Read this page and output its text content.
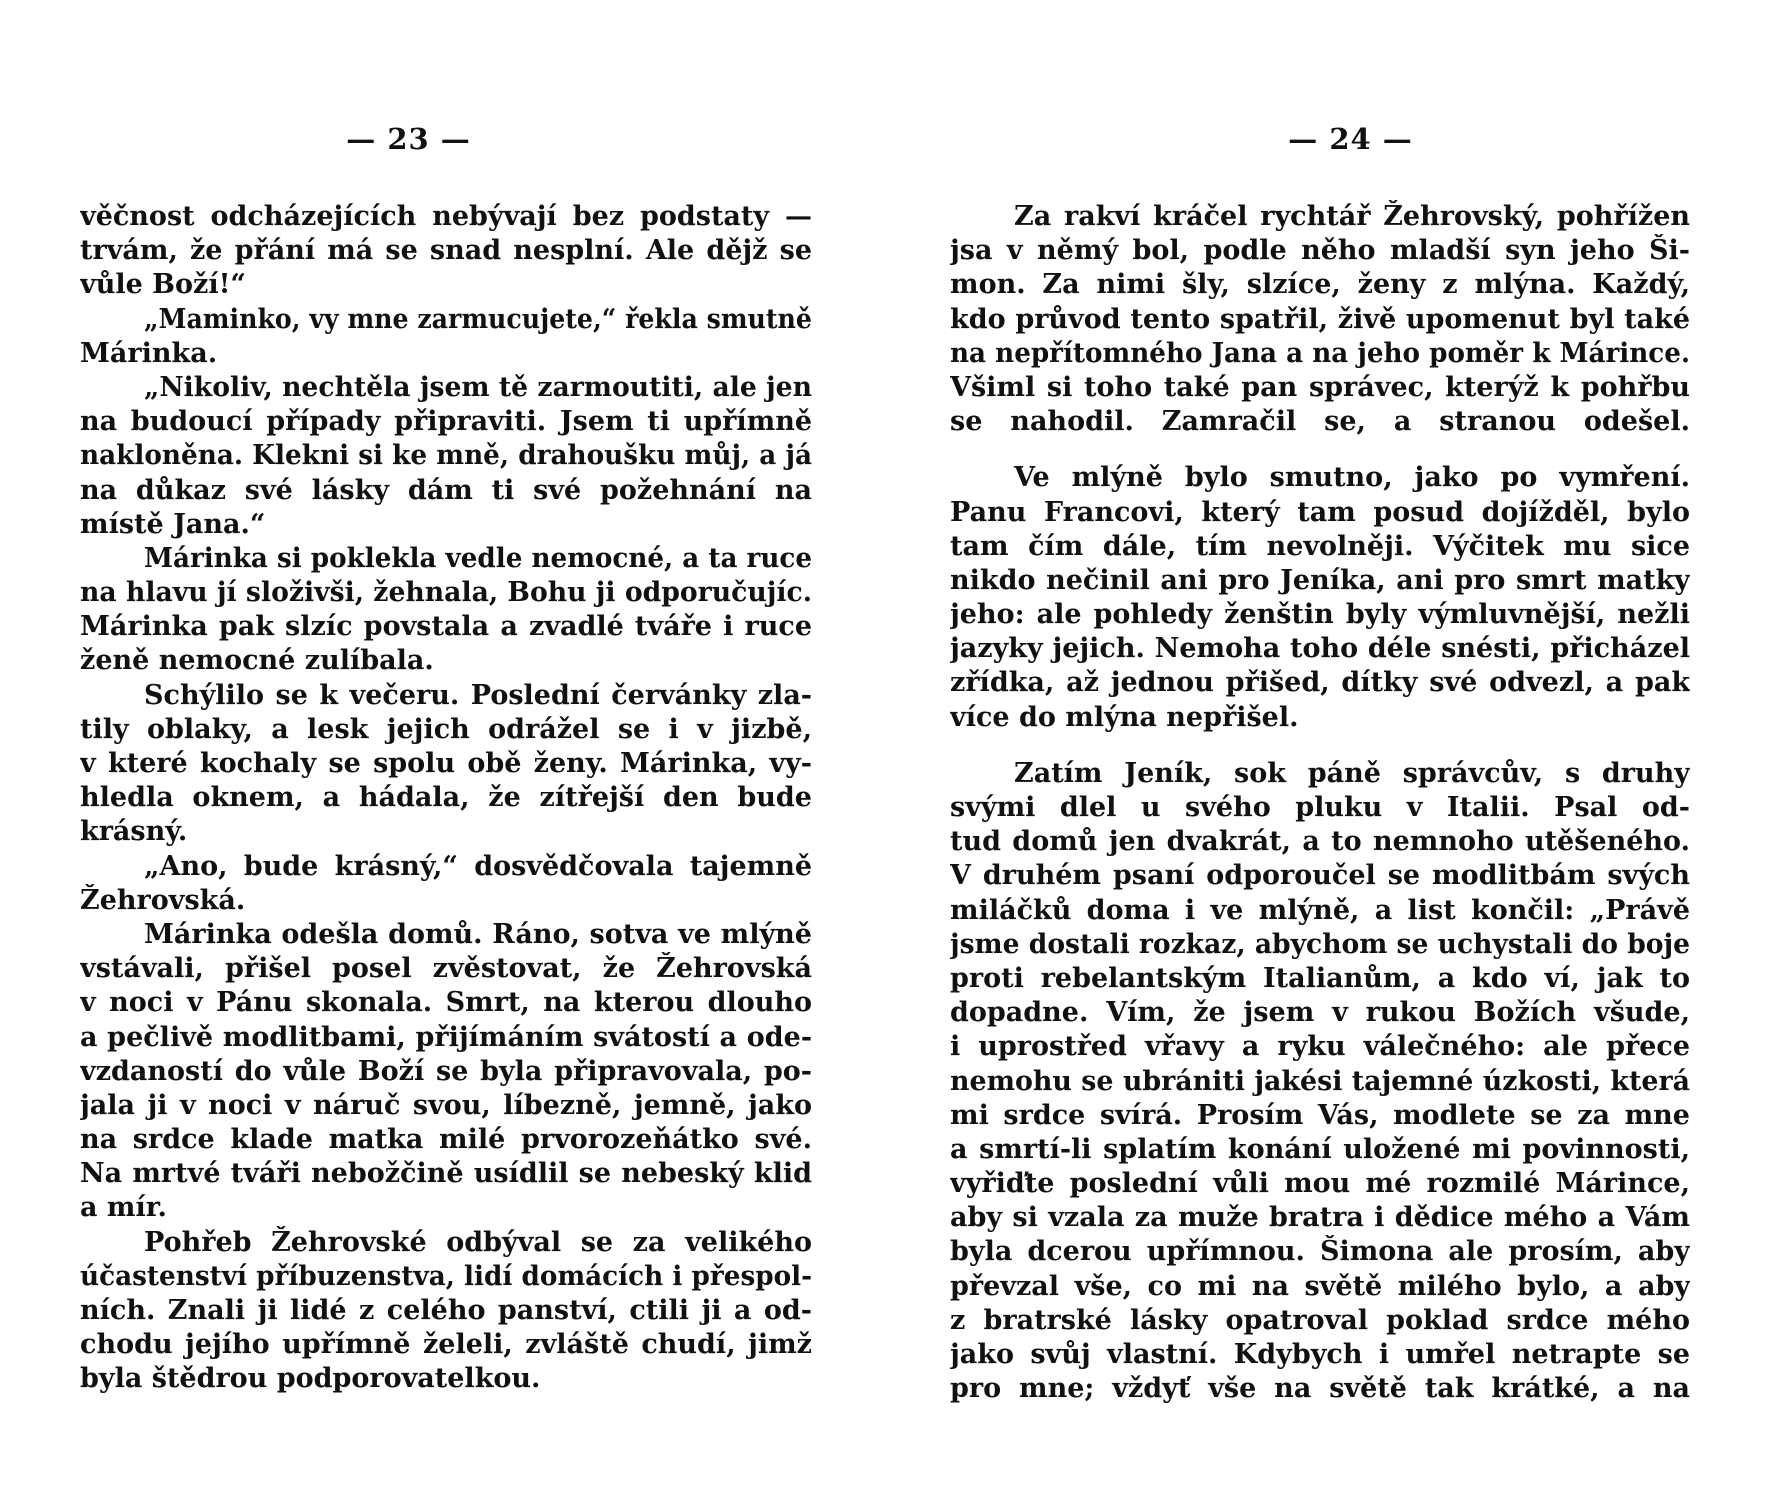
— 23 —
věčnost odcházejících nebývají bez podstaty —
trvám, že přání má se snad nesplní. Ale děјž se
vůle Boží!“
„Maminko, vy mne zarmucujete,“ řekla smutně
Márinka.
„Nikoliv, nechtěla jsem tě zarmoutiti, ale jen
na budoucí případy připraviti. Jsem ti upřímně
nakloněna. Klekni si ke mně, drahoušku můj, a já
na důkaz své lásky dám ti své požehnání na
místě Jana.“
Márinka si poklekla vedle nemocné, a ta ruce
na hlavu jí složivši, žehnala, Bohu ji odporučujíc.
Márinka pak slzíc povstala a zvadlé tváře i ruce
ženě nemocné zulíbala.
Schýlilo se k večeru. Poslední červánky zla-
tily oblaky, a lesk jejich odrážel se i v jizbě,
v které kochaly se spolu obě ženy. Márinka, vy-
hledla oknem, a hádala, že zítřejší den bude
krásný.
„Ano, bude krásný,“ dosvědčovala tajemně
Žehrovská.
Márinka odešla domů. Ráno, sotva ve mlýně
vstávali, přišel posel zvěstovat, že Žehrovská
v noci v Pánu skonala. Smrt, na kterou dlouho
a pečlivě modlitbami, přijímáním svátostí a ode-
vzdaností do vůle Boží se byla připravovala, po-
jala ji v noci v náruč svou, líbezně, jemně, jako
na srdce klade matka milé prvorozeňátko své.
Na mrtvé tváři nebožčině usídlil se nebeský klid
a mír.
Pohřeb Žehrovské odbýval se za velikého
účastenství příbuzenstva, lidí domácích i přespol-
ních. Znali ji lidé z celého panství, ctili ji a od-
chodu jejího upřímně želeli, zvláště chudí, jimž
byla štědrou podporovatelkou.
— 24 —
Za rakví kráčel rychtář Žehrovský, pohřížen
jsa v němý bol, podle něho mladší syn jeho Ši-
mon. Za nimi šly, slzíce, ženy z mlýna. Každý,
kdo průvod tento spatřil, živě upomenut byl také
na nepřítomného Jana a na jeho poměr k Márince.
Všiml si toho také pan správec, kterýž k pohřbu
se nahodil. Zamračil se, a stranou odešel.
Ve mlýně bylo smutno, jako po vymření.
Panu Francovi, který tam posud dojížděl, bylo
tam čím dále, tím nevolněji. Výčitek mu sice
nikdo nečinil ani pro Jeníka, ani pro smrt matky
jeho: ale pohledy ženštin byly výmluvnější, nežli
jazyky jejich. Nemoha toho déle snésti, přicházel
zřídka, až jednou přišed, dítky své odvezl, a pak
více do mlýna nepřišel.
Zatím Jeník, sok páně správcův, s druhy
svými dlel u svého pluku v Italii. Psal od-
tud domů jen dvakrát, a to nemnoho utěšeného.
V druhém psaní odporoučel se modlitbám svých
miláčků doma i ve mlýně, a list končil: „Právě
jsme dostali rozkaz, abychom se uchystali do boje
proti rebelantským Italianům, a kdo ví, jak to
dopadne. Vím, že jsem v rukou Božích všude,
i uprostřed vřavy a ryku válečného: ale přece
nemohu se ubrániti jakési tajemné úzkosti, která
mi srdce svírá. Prosím Vás, modlete se za mne
a smrtí-li splatím konání uložené mi povinnosti,
vyřiďte poslední vůli mou mé rozmilé Márince,
aby si vzala za muže bratra i dědice mého a Vám
byla dcerou upřímnou. Šimona ale prosím, aby
převzal vše, co mi na světě milého bylo, a aby
z bratrské lásky opatroval poklad srdce mého
jako svůj vlastní. Kdybych i umřel netrapte se
pro mne; vždyť vše na světě tak krátké, a na
